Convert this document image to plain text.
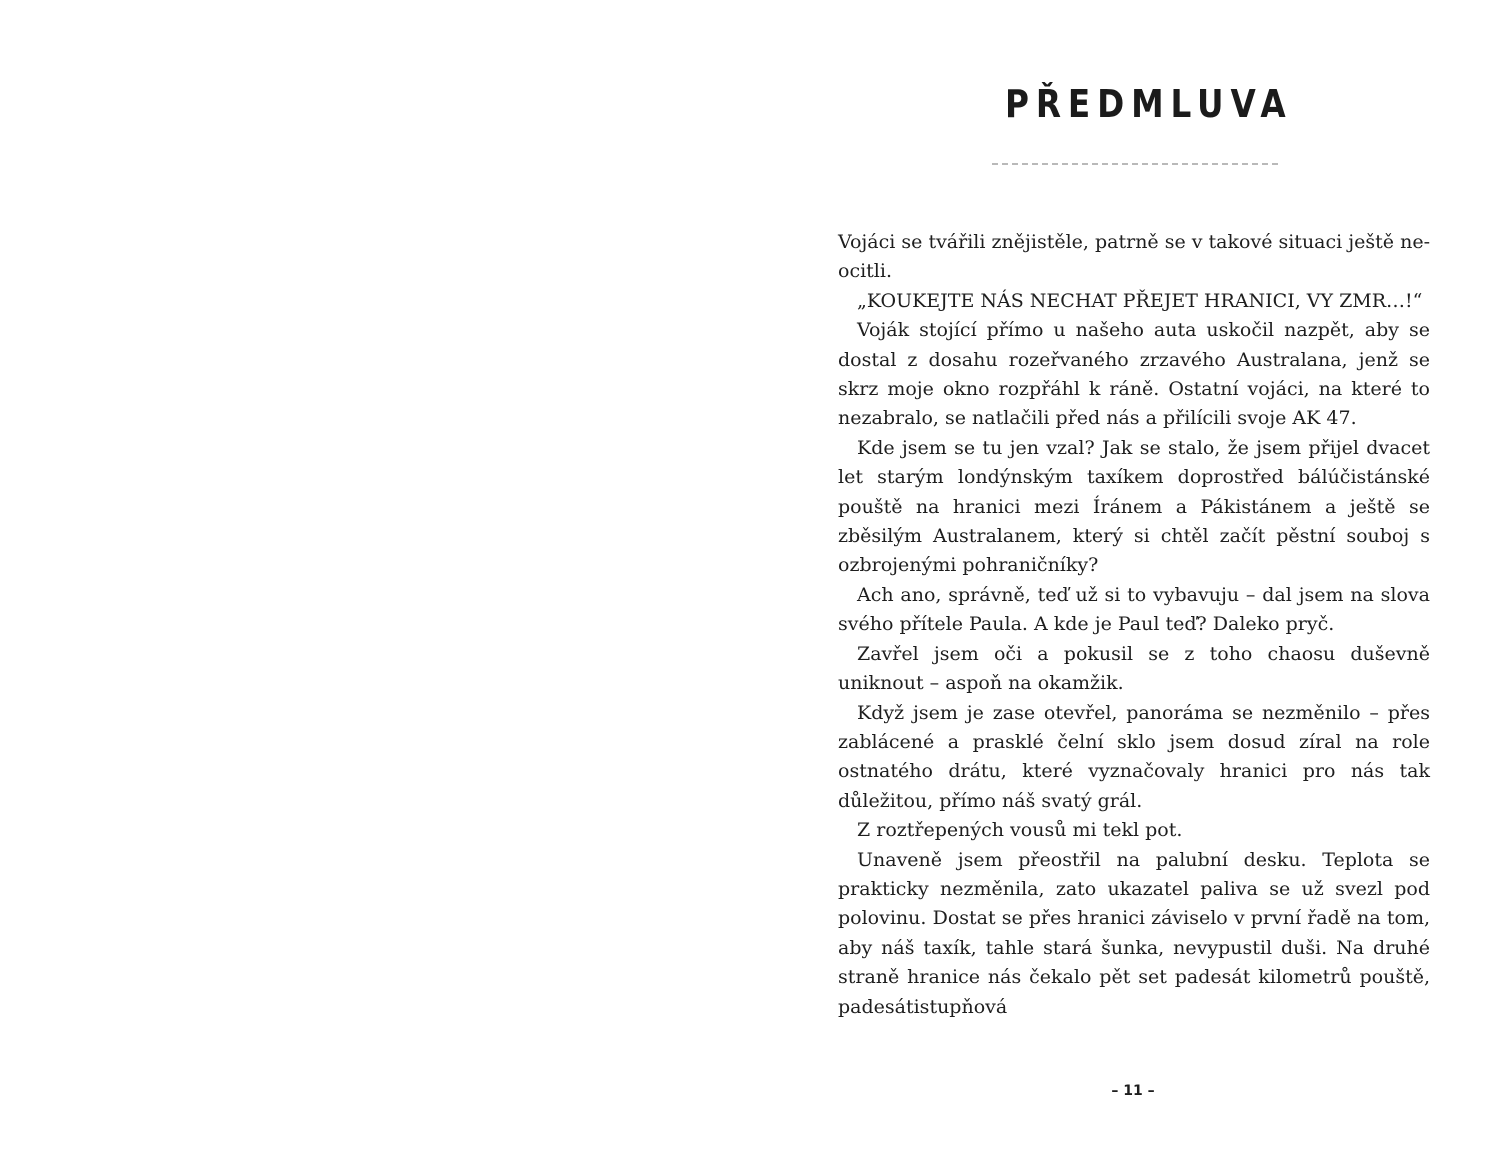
PŘEDMLUVA

Vojáci se tvářili znějistěle, patrně se v takové situaci ještě neocitli.

„KOUKEJTE NÁS NECHAT PŘEJET HRANICI, VY ZMR…!“

Voják stojící přímo u našeho auta uskočil nazpět, aby se dostal z dosahu rozeřvaného zrzavého Australana, jenž se skrz moje okno rozpřáhl k ráně. Ostatní vojáci, na které to nezabralo, se natlačili před nás a přilícili svoje AK 47.

Kde jsem se tu jen vzal? Jak se stalo, že jsem přijel dvacet let starým londýnským taxíkem doprostřed bálúčistánské pouště na hranici mezi Íránem a Pákistánem a ještě se zběsilým Australanem, který si chtěl začít pěstní souboj s ozbrojenými pohraničníky?

Ach ano, správně, teď už si to vybavuju – dal jsem na slova svého přítele Paula. A kde je Paul teď? Daleko pryč.

Zavřel jsem oči a pokusil se z toho chaosu duševně uniknout – aspoň na okamžik.

Když jsem je zase otevřel, panoráma se nezměnilo – přes zablácené a prasklé čelní sklo jsem dosud zíral na role ostnatého drátu, které vyznačovaly hranici pro nás tak důležitou, přímo náš svatý grál.

Z roztřepených vousů mi tekl pot.

Unaveně jsem přeostřil na palubní desku. Teplota se prakticky nezměnila, zato ukazatel paliva se už svezl pod polovinu. Dostat se přes hranici záviselo v první řadě na tom, aby náš taxík, tahle stará šunka, nevypustil duši. Na druhé straně hranice nás čekalo pět set padesát kilometrů pouště, padesátistupňová

– 11 –
